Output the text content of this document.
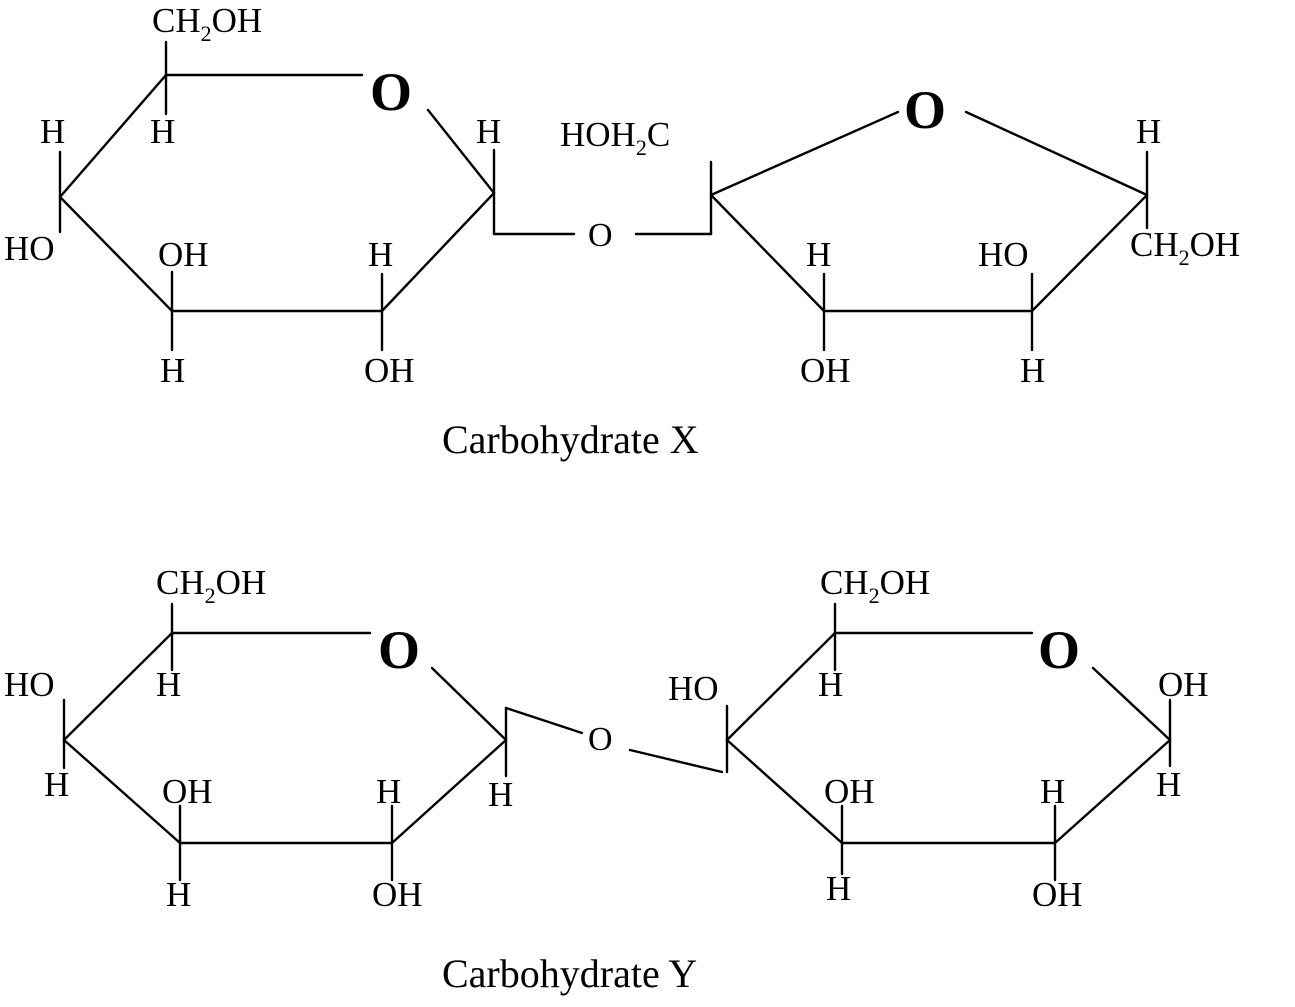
$CH_2OH$
O
H
H
HO	OH
H
H
OH
H
O
$HOH_2C$	O
H
OH
HO
H
H
$CH_2OH$
Carbohydrate X
$CH_2OH$
O
H
HO
H	OH
H
H
OH
H
O
$CH_2OH$
O
H
HO
OH
H
H
OH
OH
H
Carbohydrate Y
